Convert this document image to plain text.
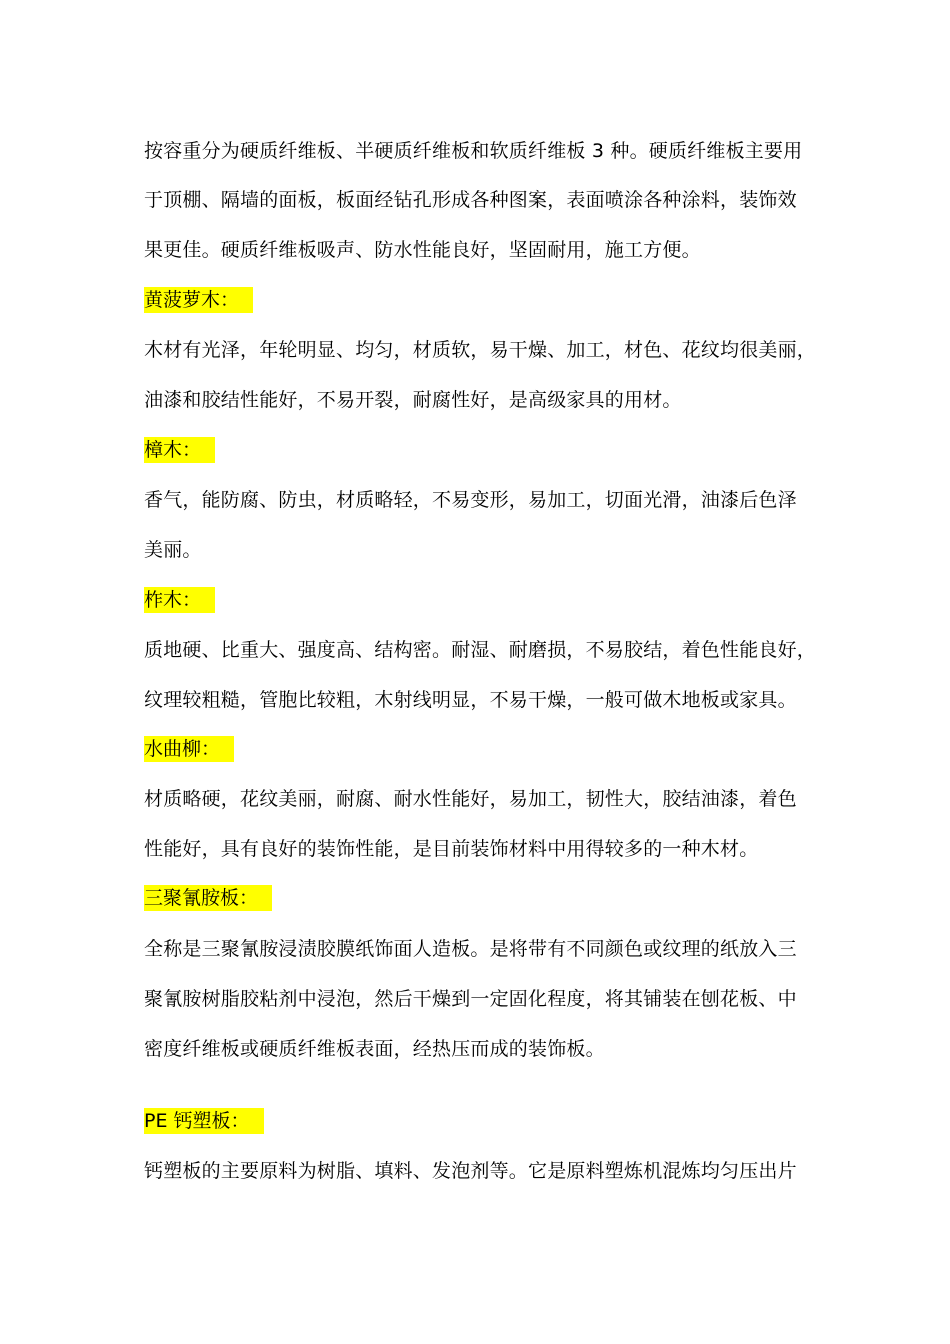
按容重分为硬质纤维板、半硬质纤维板和软质纤维板 3 种。硬质纤维板主要用
于顶棚、隔墙的面板，板面经钻孔形成各种图案，表面喷涂各种涂料，装饰效
果更佳。硬质纤维板吸声、防水性能良好，坚固耐用，施工方便。
黄菠萝木：
木材有光泽，年轮明显、均匀，材质软，易干燥、加工，材色、花纹均很美丽，
油漆和胶结性能好，不易开裂，耐腐性好，是高级家具的用材。
樟木：
香气，能防腐、防虫，材质略轻，不易变形，易加工，切面光滑，油漆后色泽
美丽。
柞木：
质地硬、比重大、强度高、结构密。耐湿、耐磨损，不易胶结，着色性能良好，
纹理较粗糙，管胞比较粗，木射线明显，不易干燥，一般可做木地板或家具。
水曲柳：
材质略硬，花纹美丽，耐腐、耐水性能好，易加工，韧性大，胶结油漆，着色
性能好，具有良好的装饰性能，是目前装饰材料中用得较多的一种木材。
三聚氰胺板：
全称是三聚氰胺浸渍胶膜纸饰面人造板。是将带有不同颜色或纹理的纸放入三
聚氰胺树脂胶粘剂中浸泡，然后干燥到一定固化程度，将其铺装在刨花板、中
密度纤维板或硬质纤维板表面，经热压而成的装饰板。
PE 钙塑板：
钙塑板的主要原料为树脂、填料、发泡剂等。它是原料塑炼机混炼均匀压出片
